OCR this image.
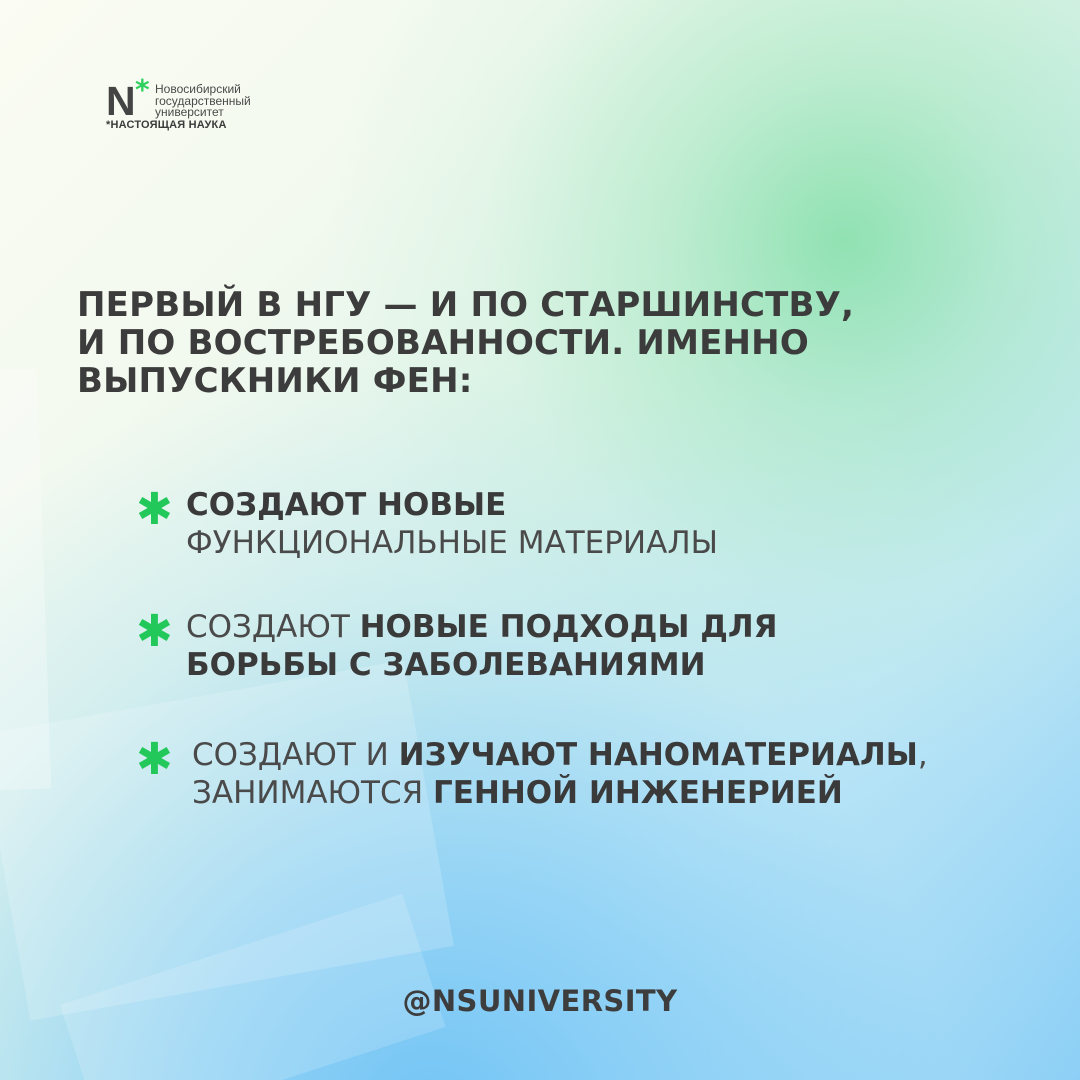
N * Новосибирский
государственный
университет
*НАСТОЯЩАЯ НАУКА
ПЕРВЫЙ В НГУ — И ПО СТАРШИНСТВУ,
И ПО ВОСТРЕБОВАННОСТИ. ИМЕННО
ВЫПУСКНИКИ ФЕН:
✱ СОЗДАЮТ НОВЫЕ
ФУНКЦИОНАЛЬНЫЕ МАТЕРИАЛЫ
✱ СОЗДАЮТ НОВЫЕ ПОДХОДЫ ДЛЯ
БОРЬБЫ С ЗАБОЛЕВАНИЯМИ
✱ СОЗДАЮТ И ИЗУЧАЮТ НАНОМАТЕРИАЛЫ,
ЗАНИМАЮТСЯ ГЕННОЙ ИНЖЕНЕРИЕЙ
@NSUNIVERSITY
